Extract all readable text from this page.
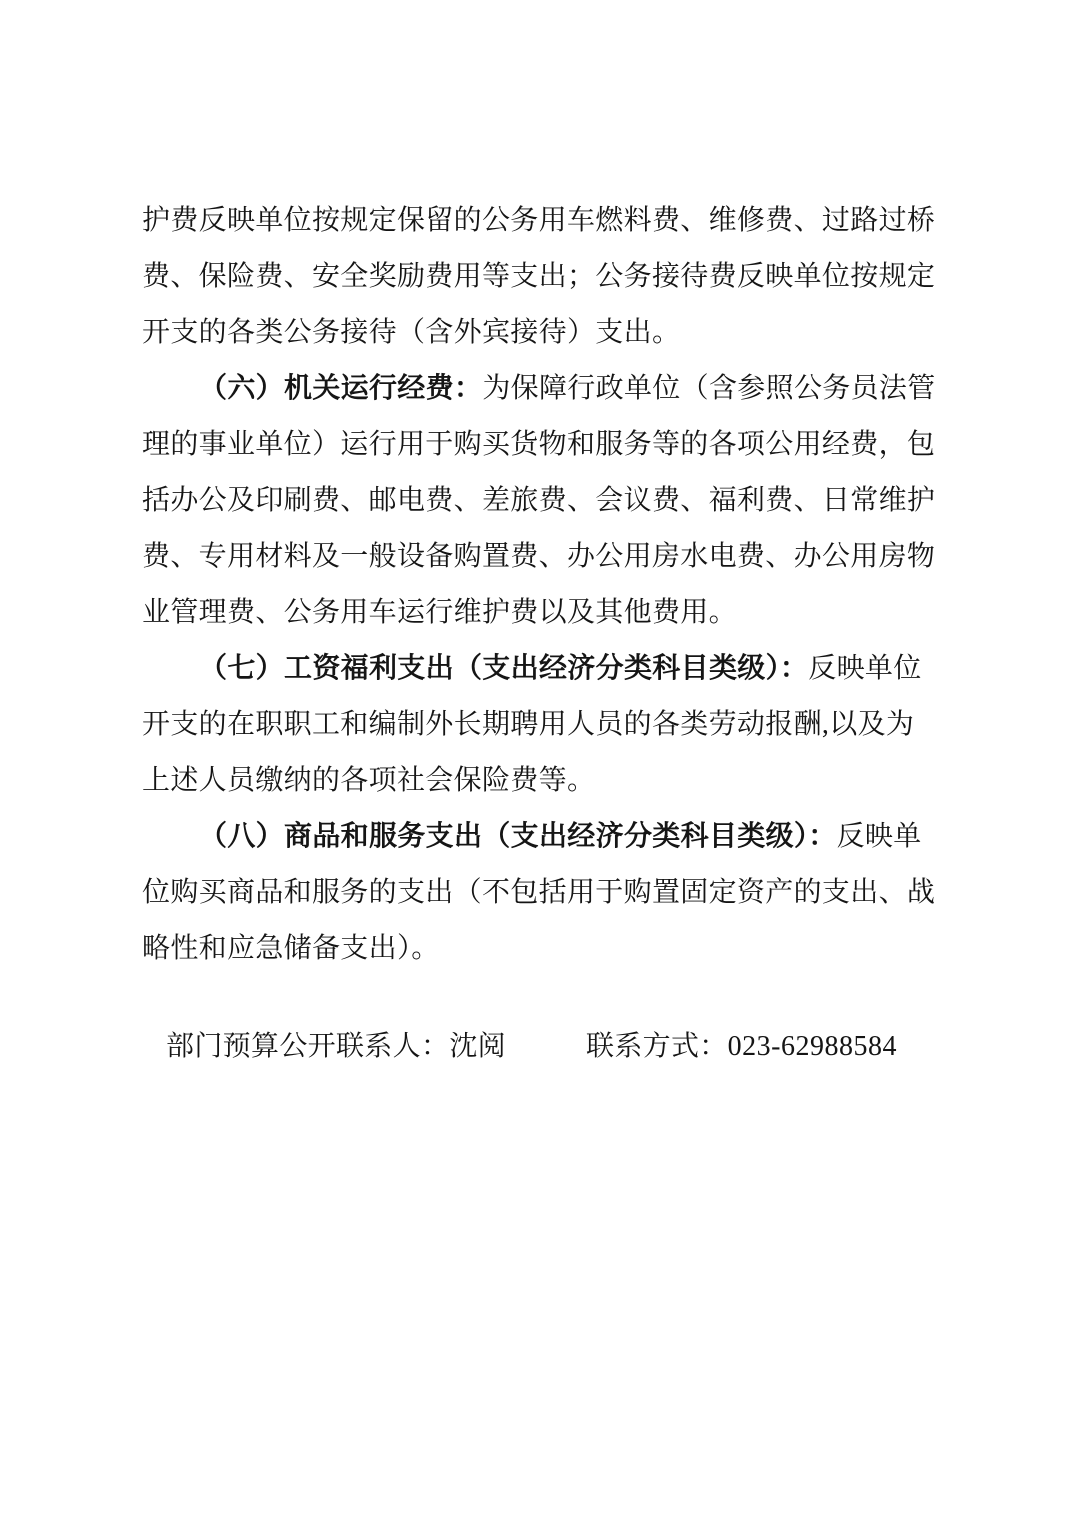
护费反映单位按规定保留的公务用车燃料费、维修费、过路过桥
费、保险费、安全奖励费用等支出；公务接待费反映单位按规定
开支的各类公务接待（含外宾接待）支出。
（六）机关运行经费：为保障行政单位（含参照公务员法管
理的事业单位）运行用于购买货物和服务等的各项公用经费，包
括办公及印刷费、邮电费、差旅费、会议费、福利费、日常维护
费、专用材料及一般设备购置费、办公用房水电费、办公用房物
业管理费、公务用车运行维护费以及其他费用。
（七）工资福利支出（支出经济分类科目类级）：反映单位
开支的在职职工和编制外长期聘用人员的各类劳动报酬,以及为
上述人员缴纳的各项社会保险费等。
（八）商品和服务支出（支出经济分类科目类级）：反映单
位购买商品和服务的支出（不包括用于购置固定资产的支出、战
略性和应急储备支出）。
部门预算公开联系人：沈阅	联系方式：023-62988584
